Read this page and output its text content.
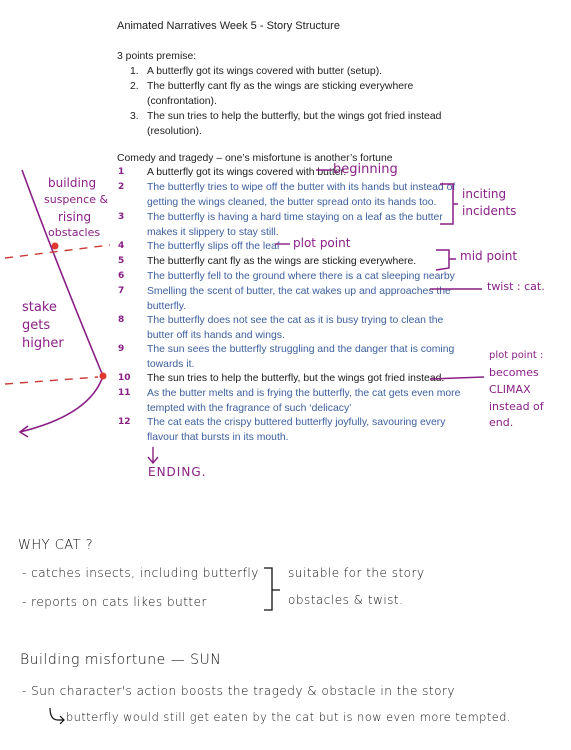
Animated Narratives Week 5 - Story Structure
3 points premise:
1. A butterfly got its wings covered with butter (setup).
2. The butterfly cant fly as the wings are sticking everywhere
(confrontation).
3. The sun tries to help the butterfly, but the wings got fried instead
(resolution).
Comedy and tragedy – one’s misfortune is another’s fortune
1 A butterfly got its wings covered with butter.
2 The butterfly tries to wipe off the butter with its hands but instead of
getting the wings cleaned, the butter spread onto its hands too.
3 The butterfly is having a hard time staying on a leaf as the butter
makes it slippery to stay still.
4 The butterfly slips off the leaf
5 The butterfly cant fly as the wings are sticking everywhere.
6 The butterfly fell to the ground where there is a cat sleeping nearby
7 Smelling the scent of butter, the cat wakes up and approaches the
butterfly.
8 The butterfly does not see the cat as it is busy trying to clean the
butter off its hands and wings.
9 The sun sees the butterfly struggling and the danger that is coming
towards it.
10 The sun tries to help the butterfly, but the wings got fried instead.
11 As the butter melts and is frying the butterfly, the cat gets even more
tempted with the fragrance of such ‘delicacy’
12 The cat eats the crispy buttered butterfly joyfully, savouring every
flavour that bursts in its mouth.
beginning
inciting
incidents
plot point
mid point
twist : cat.
plot point :
becomes
CLIMAX
instead of
end.
building
suspence &
rising
obstacles
stake
gets
higher
ENDING.
WHY CAT ?
- catches insects, including butterfly
- reports on cats likes butter
suitable for the story
obstacles & twist.
Building misfortune — SUN
- Sun character's action boosts the tragedy & obstacle in the story
butterfly would still get eaten by the cat but is now even more tempted.
